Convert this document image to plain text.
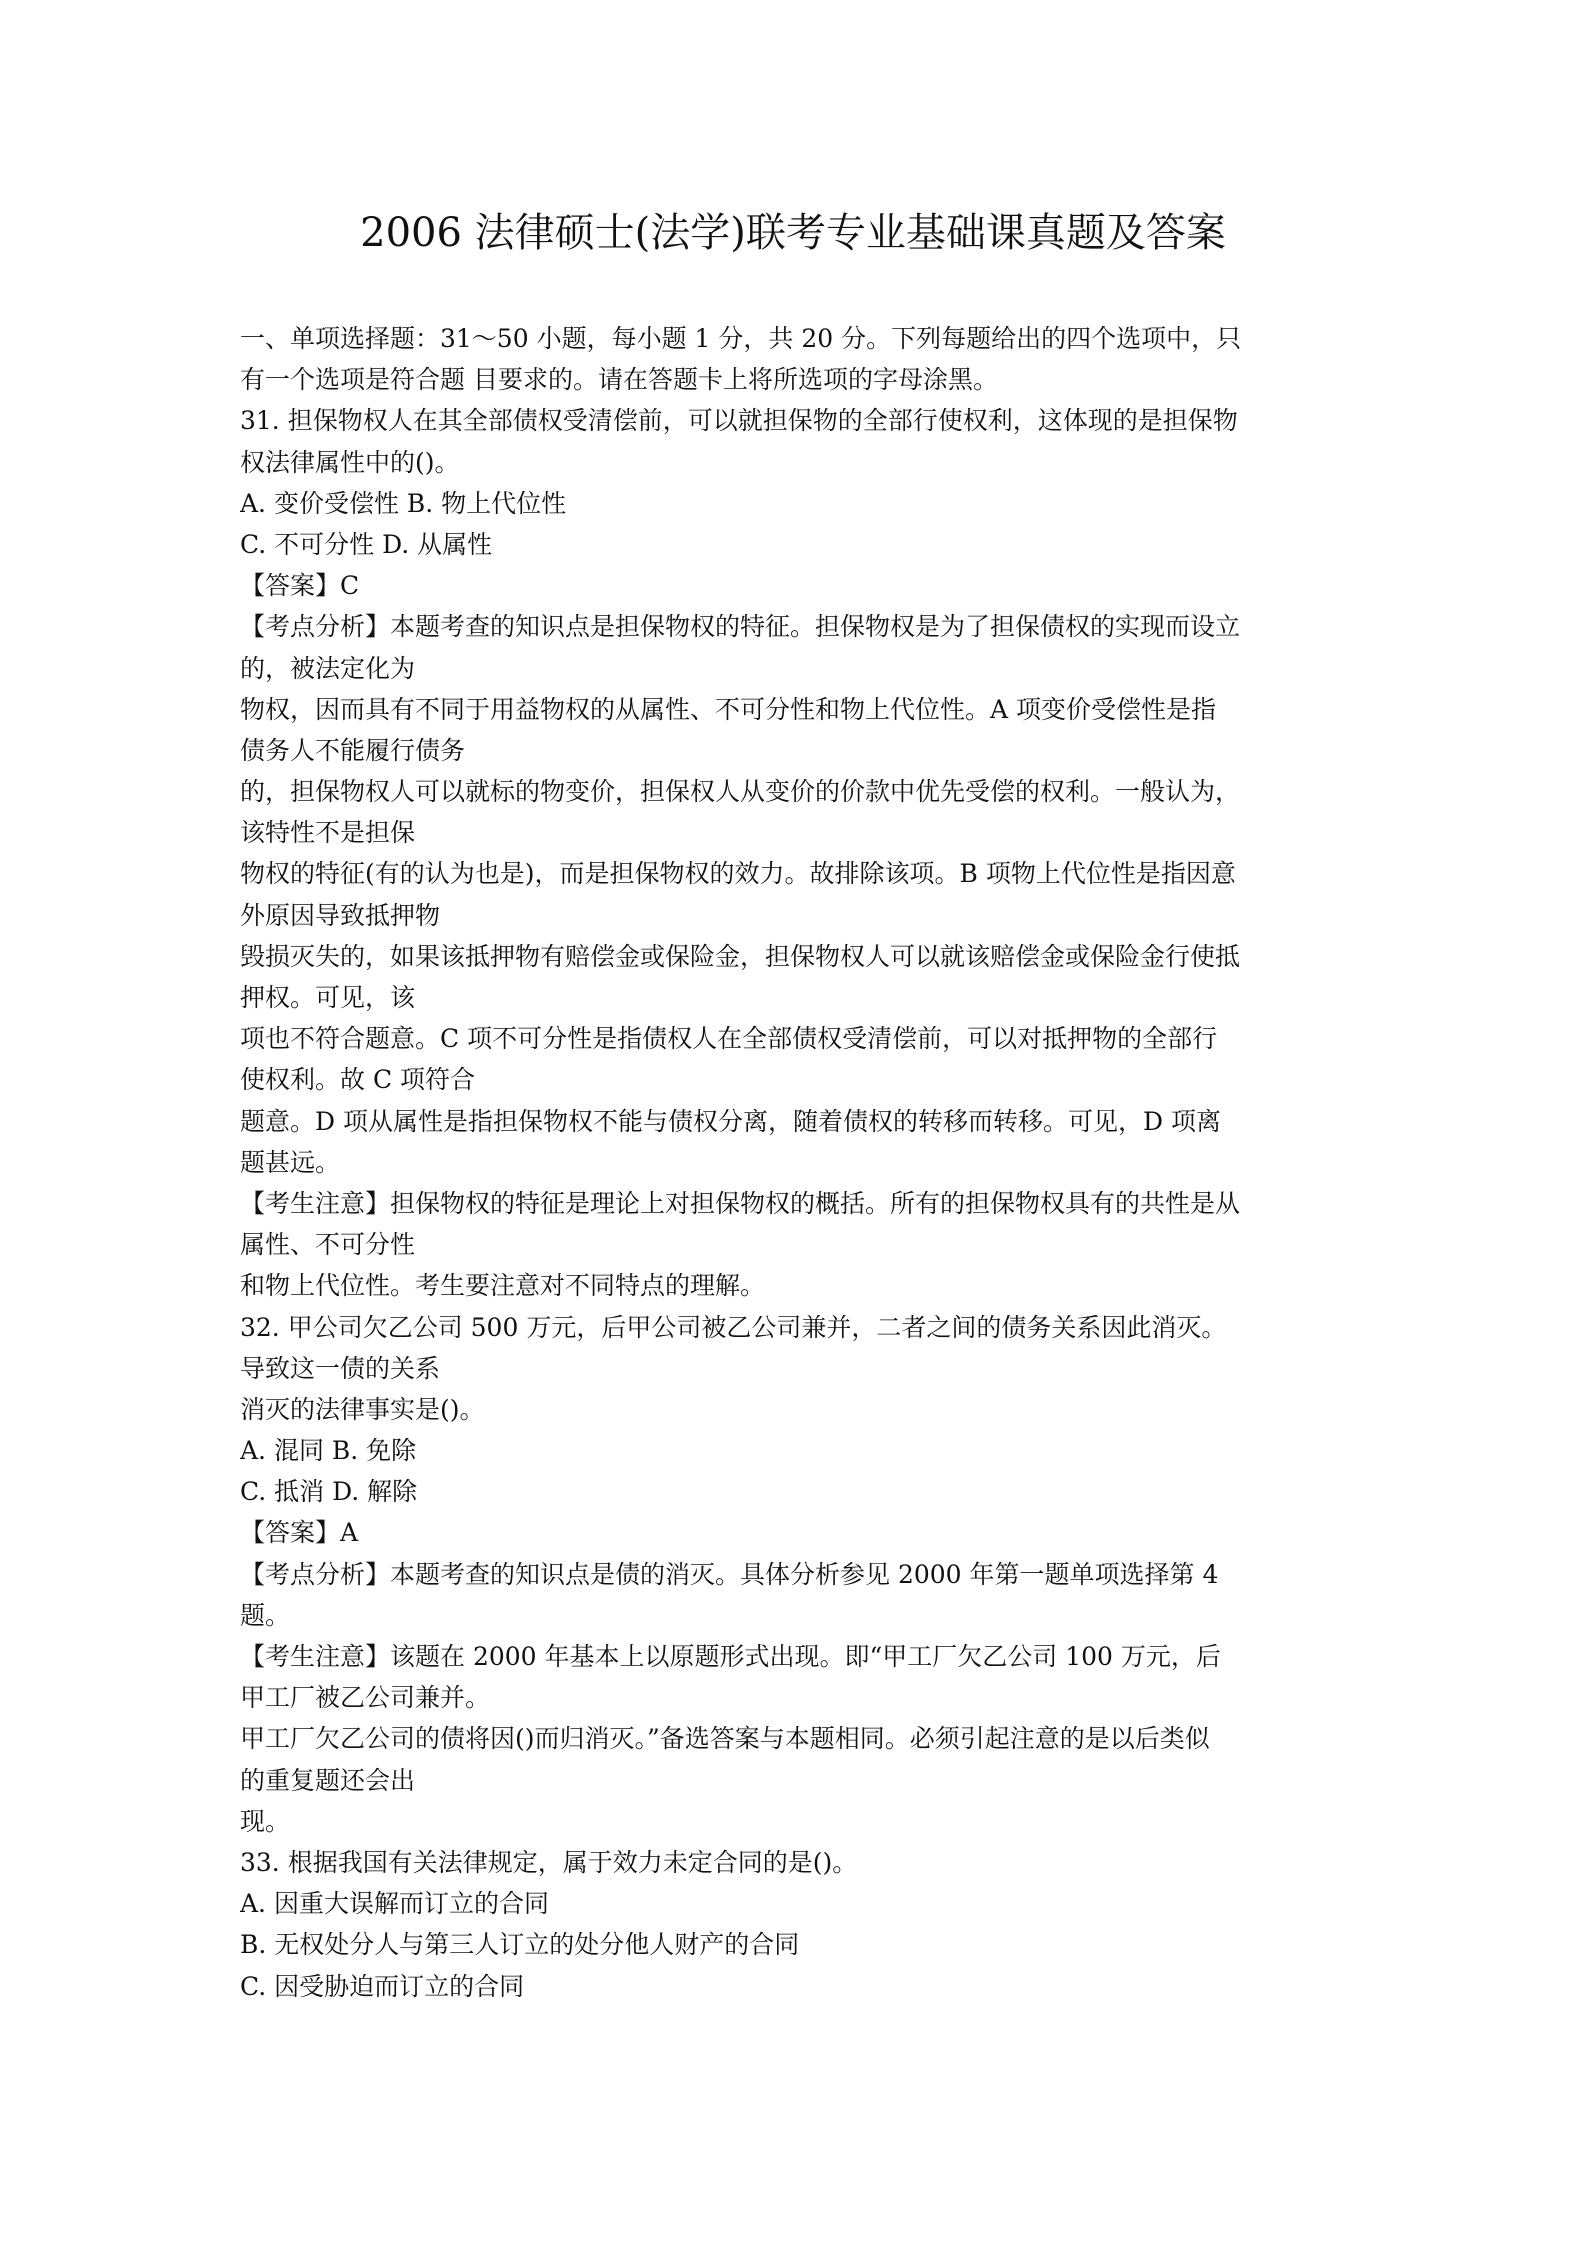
2006 法律硕士(法学)联考专业基础课真题及答案
一、单项选择题：31～50 小题，每小题 1 分，共 20 分。下列每题给出的四个选项中，只
有一个选项是符合题 目要求的。请在答题卡上将所选项的字母涂黑。
31. 担保物权人在其全部债权受清偿前，可以就担保物的全部行使权利，这体现的是担保物
权法律属性中的()。
A. 变价受偿性 B. 物上代位性
C. 不可分性 D. 从属性
【答案】C
【考点分析】本题考查的知识点是担保物权的特征。担保物权是为了担保债权的实现而设立
的，被法定化为
物权，因而具有不同于用益物权的从属性、不可分性和物上代位性。A 项变价受偿性是指
债务人不能履行债务
的，担保物权人可以就标的物变价，担保权人从变价的价款中优先受偿的权利。一般认为，
该特性不是担保
物权的特征(有的认为也是)，而是担保物权的效力。故排除该项。B 项物上代位性是指因意
外原因导致抵押物
毁损灭失的，如果该抵押物有赔偿金或保险金，担保物权人可以就该赔偿金或保险金行使抵
押权。可见，该
项也不符合题意。C 项不可分性是指债权人在全部债权受清偿前，可以对抵押物的全部行
使权利。故 C 项符合
题意。D 项从属性是指担保物权不能与债权分离，随着债权的转移而转移。可见，D 项离
题甚远。
【考生注意】担保物权的特征是理论上对担保物权的概括。所有的担保物权具有的共性是从
属性、不可分性
和物上代位性。考生要注意对不同特点的理解。
32. 甲公司欠乙公司 500 万元，后甲公司被乙公司兼并，二者之间的债务关系因此消灭。
导致这一债的关系
消灭的法律事实是()。
A. 混同 B. 免除
C. 抵消 D. 解除
【答案】A
【考点分析】本题考查的知识点是债的消灭。具体分析参见 2000 年第一题单项选择第 4
题。
【考生注意】该题在 2000 年基本上以原题形式出现。即“甲工厂欠乙公司 100 万元，后
甲工厂被乙公司兼并。
甲工厂欠乙公司的债将因()而归消灭。”备选答案与本题相同。必须引起注意的是以后类似
的重复题还会出
现。
33. 根据我国有关法律规定，属于效力未定合同的是()。
A. 因重大误解而订立的合同
B. 无权处分人与第三人订立的处分他人财产的合同
C. 因受胁迫而订立的合同
